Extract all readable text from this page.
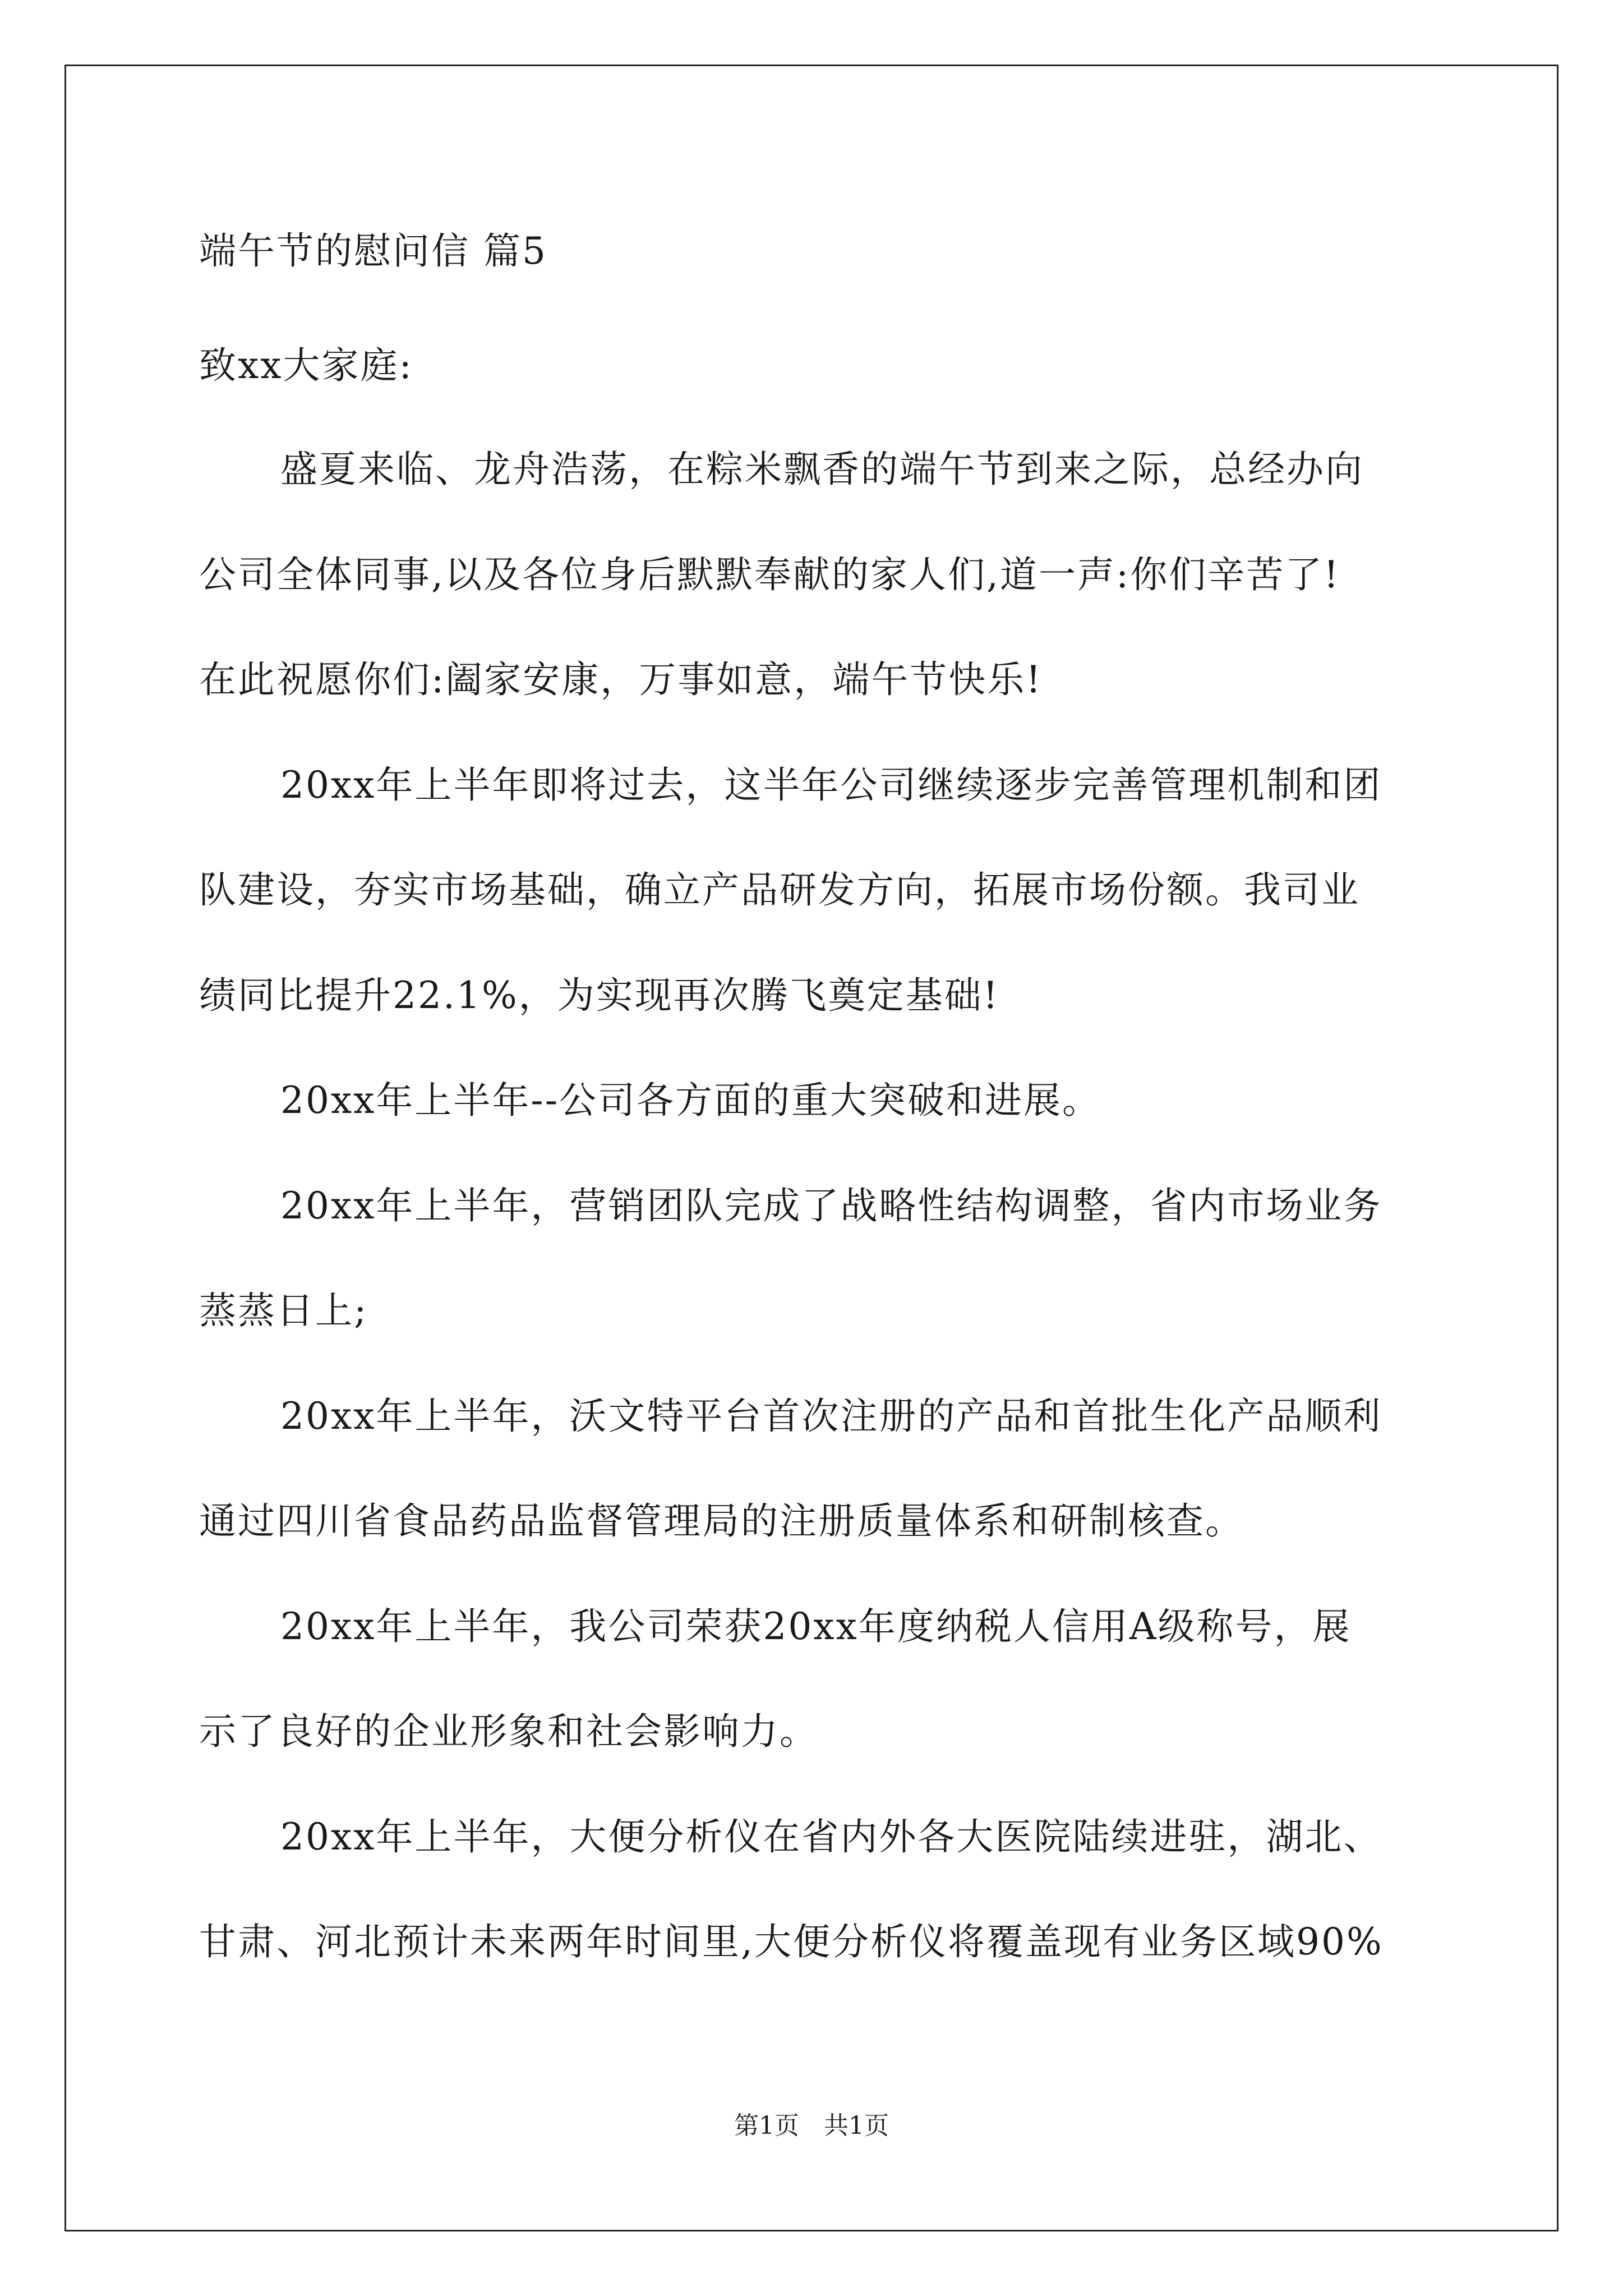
端午节的慰问信 篇5
致xx大家庭:
盛夏来临、龙舟浩荡，在粽米飘香的端午节到来之际，总经办向
公司全体同事,以及各位身后默默奉献的家人们,道一声:你们辛苦了!
在此祝愿你们:阖家安康，万事如意，端午节快乐!
20xx年上半年即将过去，这半年公司继续逐步完善管理机制和团
队建设，夯实市场基础，确立产品研发方向，拓展市场份额。我司业
绩同比提升22.1%，为实现再次腾飞奠定基础!
20xx年上半年--公司各方面的重大突破和进展。
20xx年上半年，营销团队完成了战略性结构调整，省内市场业务
蒸蒸日上;
20xx年上半年，沃文特平台首次注册的产品和首批生化产品顺利
通过四川省食品药品监督管理局的注册质量体系和研制核查。
20xx年上半年，我公司荣获20xx年度纳税人信用A级称号，展
示了良好的企业形象和社会影响力。
20xx年上半年，大便分析仪在省内外各大医院陆续进驻，湖北、
甘肃、河北预计未来两年时间里,大便分析仪将覆盖现有业务区域90%
第1页　共1页
